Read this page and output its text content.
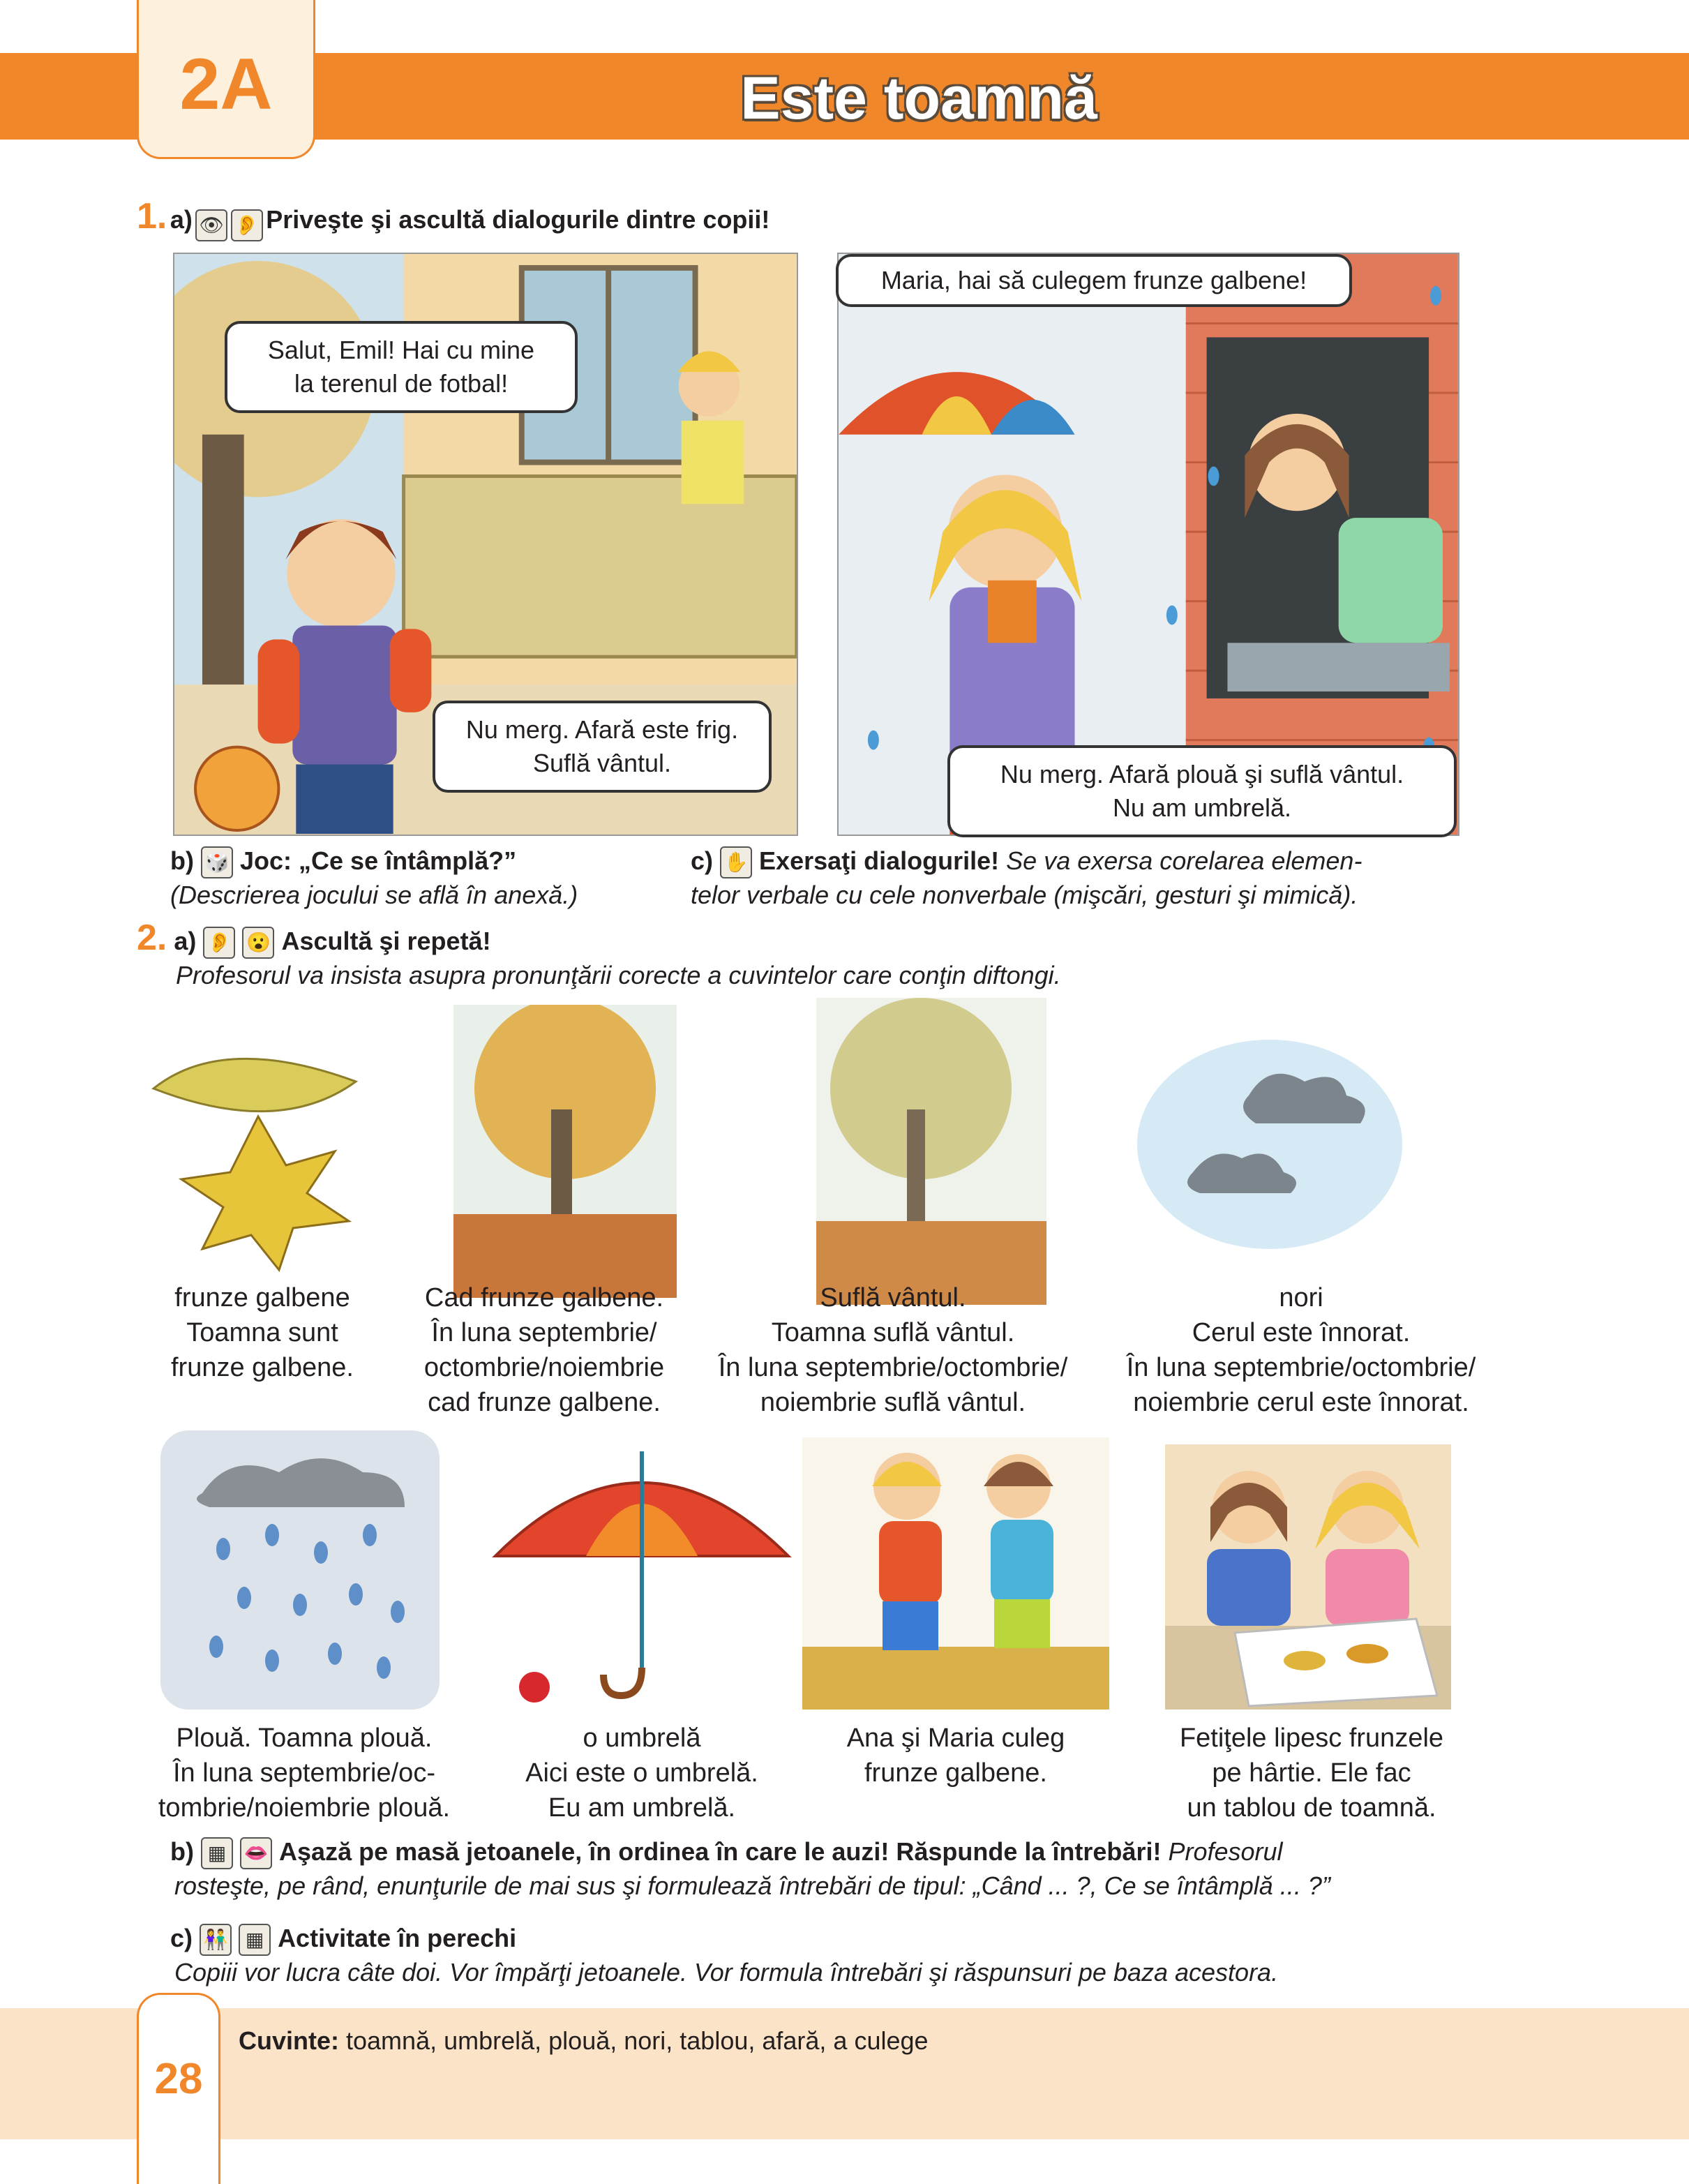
2A	Este toamnă
1. a) 👁 👂 Priveşte şi ascultă dialogurile dintre copii!
Salut, Emil! Hai cu mine
la terenul de fotbal!
Nu merg. Afară este frig.
Suflă vântul.
Maria, hai să culegem frunze galbene!
Nu merg. Afară plouă şi suflă vântul.
Nu am umbrelă.
b) 🎲 Joc: „Ce se întâmplă?”
(Descrierea jocului se află în anexă.)
c) ✋ Exersaţi dialogurile! Se va exersa corelarea elemen-
telor verbale cu cele nonverbale (mişcări, gesturi şi mimică).
2. a) 👂 😮 Ascultă şi repetă!
Profesorul va insista asupra pronunţării corecte a cuvintelor care conţin diftongi.
frunze galbene
Toamna sunt
frunze galbene.
Cad frunze galbene.
În luna septembrie/
octombrie/noiembrie
cad frunze galbene.
Suflă vântul.
Toamna suflă vântul.
În luna septembrie/octombrie/
noiembrie suflă vântul.
nori
Cerul este înnorat.
În luna septembrie/octombrie/
noiembrie cerul este înnorat.
Plouă. Toamna plouă.
În luna septembrie/oc-
tombrie/noiembrie plouă.
o umbrelă
Aici este o umbrelă.
Eu am umbrelă.
Ana şi Maria culeg
frunze galbene.
Fetiţele lipesc frunzele
pe hârtie. Ele fac
un tablou de toamnă.
b) ▦ 👄 Aşază pe masă jetoanele, în ordinea în care le auzi! Răspunde la întrebări! Profesorul
rosteşte, pe rând, enunţurile de mai sus şi formulează întrebări de tipul: „Când ... ?, Ce se întâmplă ... ?”
c) 👫 ▦ Activitate în perechi
Copiii vor lucra câte doi. Vor împărţi jetoanele. Vor formula întrebări şi răspunsuri pe baza acestora.
28
Cuvinte: toamnă, umbrelă, plouă, nori, tablou, afară, a culege
